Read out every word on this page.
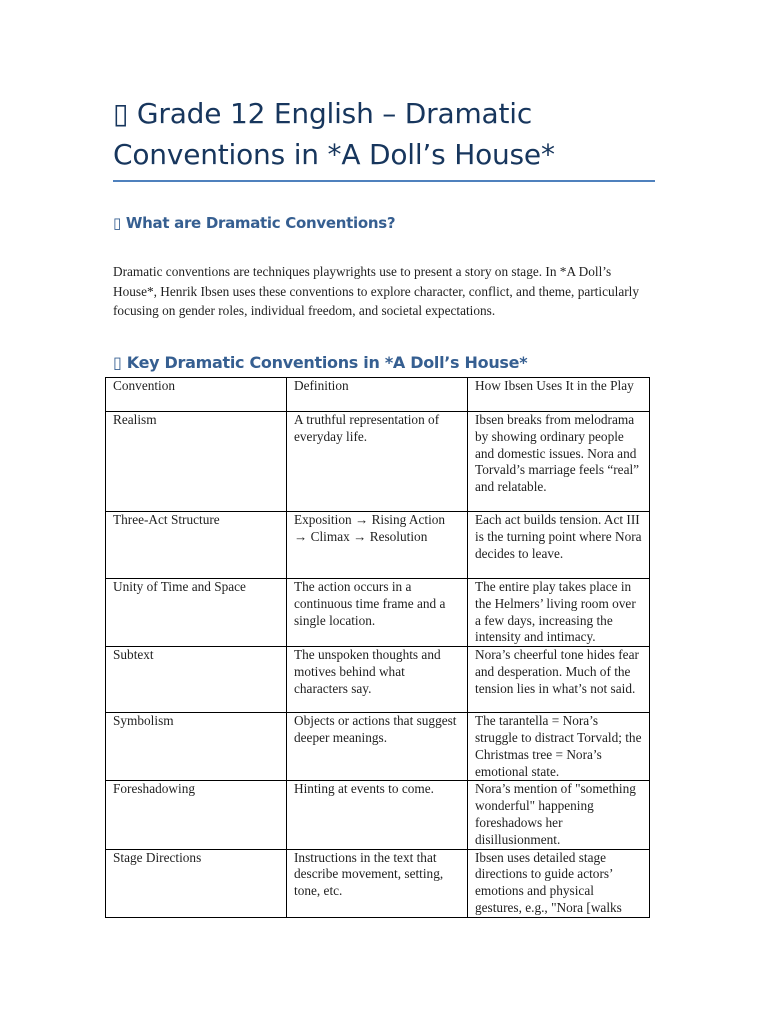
▯ Grade 12 English – Dramatic Conventions in *A Doll’s House*
▯ What are Dramatic Conventions?

Dramatic conventions are techniques playwrights use to present a story on stage. In *A Doll’s House*, Henrik Ibsen uses these conventions to explore character, conflict, and theme, particularly focusing on gender roles, individual freedom, and societal expectations.

▯ Key Dramatic Conventions in *A Doll’s House*
Convention	Definition	How Ibsen Uses It in the Play
Realism	A truthful representation of everyday life.	Ibsen breaks from melodrama by showing ordinary people and domestic issues. Nora and Torvald’s marriage feels “real” and relatable.
Three-Act Structure	Exposition → Rising Action → Climax → Resolution	Each act builds tension. Act III is the turning point where Nora decides to leave.
Unity of Time and Space	The action occurs in a continuous time frame and a single location.	The entire play takes place in the Helmers’ living room over a few days, increasing the intensity and intimacy.
Subtext	The unspoken thoughts and motives behind what characters say.	Nora’s cheerful tone hides fear and desperation. Much of the tension lies in what’s not said.
Symbolism	Objects or actions that suggest deeper meanings.	The tarantella = Nora’s struggle to distract Torvald; the Christmas tree = Nora’s emotional state.
Foreshadowing	Hinting at events to come.	Nora’s mention of "something wonderful" happening foreshadows her disillusionment.
Stage Directions	Instructions in the text that describe movement, setting, tone, etc.	Ibsen uses detailed stage directions to guide actors’ emotions and physical gestures, e.g., "Nora [walks
